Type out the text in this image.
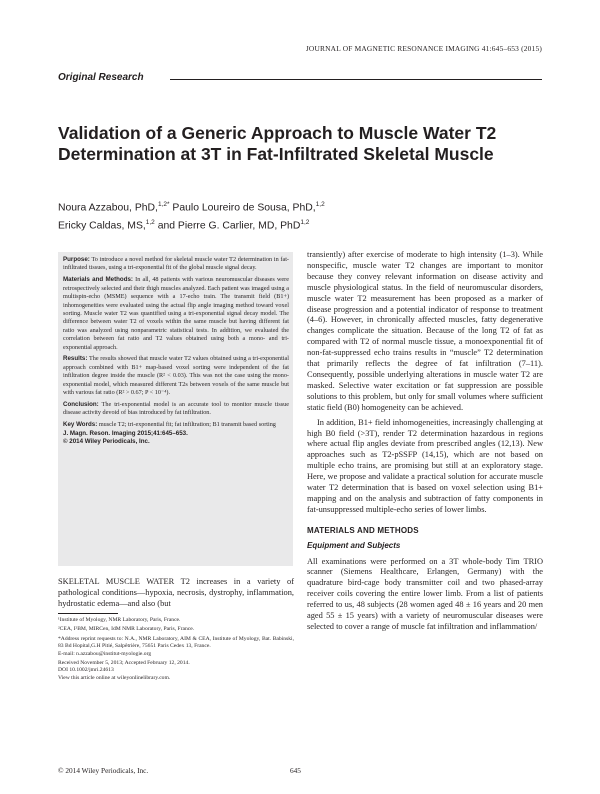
JOURNAL OF MAGNETIC RESONANCE IMAGING 41:645–653 (2015)
Original Research
Validation of a Generic Approach to Muscle Water T2 Determination at 3T in Fat-Infiltrated Skeletal Muscle
Noura Azzabou, PhD,$^{1,2*}$ Paulo Loureiro de Sousa, PhD,$^{1,2}$
Ericky Caldas, MS,$^{1,2}$ and Pierre G. Carlier, MD, PhD$^{1,2}$

Purpose: To introduce a novel method for skeletal muscle water T2 determination in fat-infiltrated tissues, using a tri-exponential fit of the global muscle signal decay.

Materials and Methods: In all, 48 patients with various neuromuscular diseases were retrospectively selected and their thigh muscles analyzed. Each patient was imaged using a multispin-echo (MSME) sequence with a 17-echo train. The transmit field (B1+) inhomogeneities were evaluated using the actual flip angle imaging method toward voxel sorting. Muscle water T2 was quantified using a tri-exponential signal decay model. The difference between water T2 of voxels within the same muscle but having different fat ratio was analyzed using nonparametric statistical tests. In addition, we evaluated the correlation between fat ratio and T2 values obtained using both a mono- and tri-exponential approach.

Results: The results showed that muscle water T2 values obtained using a tri-exponential approach combined with B1+ map-based voxel sorting were independent of the fat infiltration degree inside the muscle (R² < 0.03). This was not the case using the mono-exponential model, which measured different T2s between voxels of the same muscle but with various fat ratio (R² > 0.67; P < 10⁻⁴).

Conclusion: The tri-exponential model is an accurate tool to monitor muscle tissue disease activity devoid of bias introduced by fat infiltration.

Key Words: muscle T2; tri-exponential fit; fat infiltration; B1 transmit based sorting

J. Magn. Reson. Imaging 2015;41:645–653.

© 2014 Wiley Periodicals, Inc.

SKELETAL MUSCLE WATER T2 increases in a variety of pathological conditions—hypoxia, necrosis, dystrophy, inflammation, hydrostatic edema—and also (but

¹Institute of Myology, NMR Laboratory, Paris, France.

²CEA, I²BM, MIRCen, IdM NMR Laboratory, Paris, France.

*Address reprint requests to: N.A., NMR Laboratory, AIM & CEA, Institute of Myology, Bat. Babinski, 83 Bd Hopital,G.H Pitié, Salpêtrière, 75651 Paris Cedex 13, France.

E-mail: n.azzabou@institut-myologie.org

Received November 5, 2013; Accepted February 12, 2014.

DOI 10.1002/jmri.24613

View this article online at wileyonlinelibrary.com.

transiently) after exercise of moderate to high intensity (1–3). While nonspecific, muscle water T2 changes are important to monitor because they convey relevant information on disease activity and muscle physiological status. In the field of neuromuscular disorders, muscle water T2 measurement has been proposed as a marker of disease progression and a potential indicator of response to treatment (4–6). However, in chronically affected muscles, fatty degenerative changes complicate the situation. Because of the long T2 of fat as compared with T2 of normal muscle tissue, a monoexponential fit of non-fat-suppressed echo trains results in “muscle” T2 determination that primarily reflects the degree of fat infiltration (7–11). Consequently, possible underlying alterations in muscle water T2 are masked. Selective water excitation or fat suppression are possible solutions to this problem, but only for small volumes where sufficient static field (B0) homogeneity can be achieved.

In addition, B1+ field inhomogeneities, increasingly challenging at high B0 field (>3T), render T2 determination hazardous in regions where actual flip angles deviate from prescribed angles (12,13). New approaches such as T2-pSSFP (14,15), which are not based on multiple echo trains, are promising but still at an exploratory stage. Here, we propose and validate a practical solution for accurate muscle water T2 determination that is based on voxel selection using B1+ mapping and on the analysis and subtraction of fatty components in fat-unsuppressed multiple-echo series of lower limbs.

MATERIALS AND METHODS
Equipment and Subjects

All examinations were performed on a 3T whole-body Tim TRIO scanner (Siemens Healthcare, Erlangen, Germany) with the quadrature bird-cage body transmitter coil and two phased-array receiver coils covering the entire lower limb. From a list of patients referred to us, 48 subjects (28 women aged 48 ± 16 years and 20 men aged 55 ± 15 years) with a variety of neuromuscular diseases were selected to cover a range of muscle fat infiltration and inflammation/

© 2014 Wiley Periodicals, Inc.	645
